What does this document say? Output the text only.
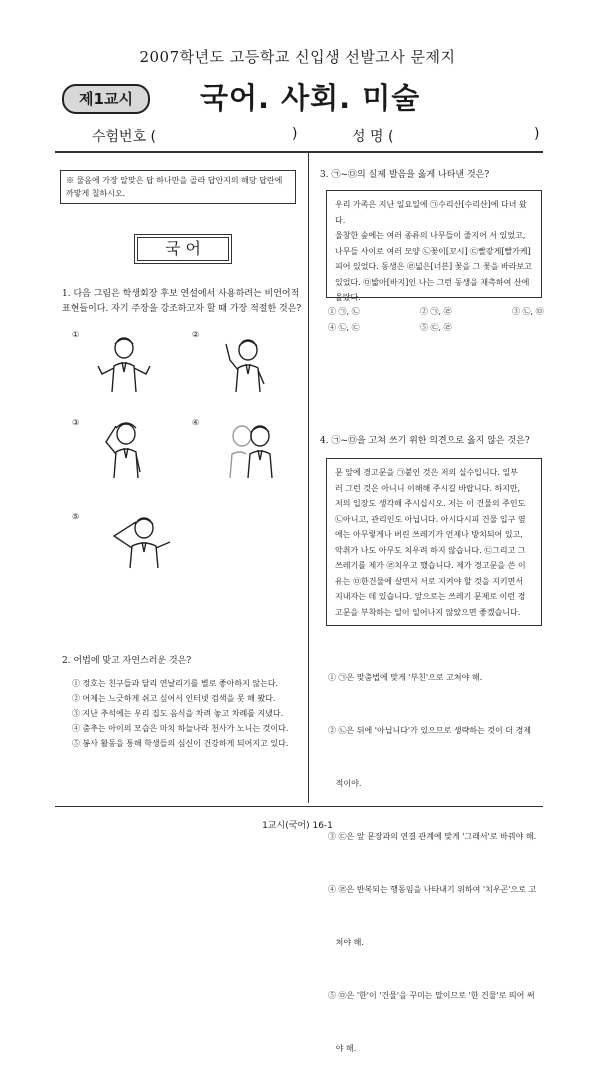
2007학년도 고등학교 신입생 선발고사 문제지
제1교시	국어. 사회. 미술
수험번호 (	)	성 명 (	)
※ 물음에 가장 알맞은 답 하나만을 골라 답안지의 해당 답란에 까맣게 칠하시오.
국 어
1. 다음 그림은 학생회장 후보 연설에서 사용하려는 비언어적 표현들이다. 자기 주장을 강조하고자 할 때 가장 적절한 것은?
①	②
③	④
⑤
2. 어법에 맞고 자연스러운 것은?
① 정호는 친구들과 달리 연날리기를 별로 좋아하지 않는다.
② 어제는 느긋하게 쉬고 싶어서 인터넷 검색을 못 해 봤다.
③ 지난 추석에는 우리 집도 음식을 차려 놓고 차례를 지냈다.
④ 춤추는 아이의 모습은 마치 하늘나라 천사가 노니는 것이다.
⑤ 봉사 활동을 통해 학생들의 심신이 건강하게 되어지고 있다.
3. ㉠~㉤의 실제 발음을 옳게 나타낸 것은?
우리 가족은 지난 일요일에 ㉠수리산[수리산]에 다녀 왔다.
울창한 숲에는 여러 종류의 나무들이 줄지어 서 있었고,
나무들 사이로 여러 모양 ㉡꽃이[꼬시] ㉢빨갛게[빨가케]
피어 있었다. 동생은 ㉣넓은[너븐] 꽃을 그 꽃을 바라보고
있었다. ㉤밟아[바지]인 나는 그런 동생을 재촉하여 산에
올랐다.
① ㉠, ㉡	② ㉠, ㉣	③ ㉡, ㉤
④ ㉡, ㉢	⑤ ㉢, ㉣
4. ㉠~㉤을 고쳐 쓰기 위한 의견으로 옳지 않은 것은?
문 앞에 경고문을 ㉠붙인 것은 저의 실수입니다. 일부
러 그런 것은 아니니 이해해 주시길 바랍니다. 하지만,
저의 입장도 생각해 주시십시오. 저는 이 건물의 주인도
㉡아니고, 관리인도 아닙니다. 아시다시피 건물 입구 옆
에는 아무렇게나 버린 쓰레기가 언제나 방치되어 있고,
악취가 나도 아무도 치우려 하지 않습니다. ㉢그리고 그
쓰레기를 제가 ㉣치우고 했습니다. 제가 경고문을 쓴 이
유는 ㉤한건물에 살면서 서로 지켜야 할 것을 지키면서
지내자는 데 있습니다. 앞으로는 쓰레기 문제로 이런 경
고문을 부착하는 일이 일어나지 않았으면 좋겠습니다.

① ㉠은 맞춤법에 맞게 '부친'으로 고쳐야 해.

② ㉡은 뒤에 '아닙니다'가 있으므로 생략하는 것이 더 경제

적이야.

③ ㉢은 앞 문장과의 연결 관계에 맞게 '그래서'로 바꿔야 해.

④ ㉣은 반복되는 행동임을 나타내기 위하여 '치우곤'으로 고

쳐야 해.

⑤ ㉤은 '한'이 '건물'을 꾸미는 말이므로 '한 건물'로 띄어 써

야 해.

1교시(국어) 16-1
